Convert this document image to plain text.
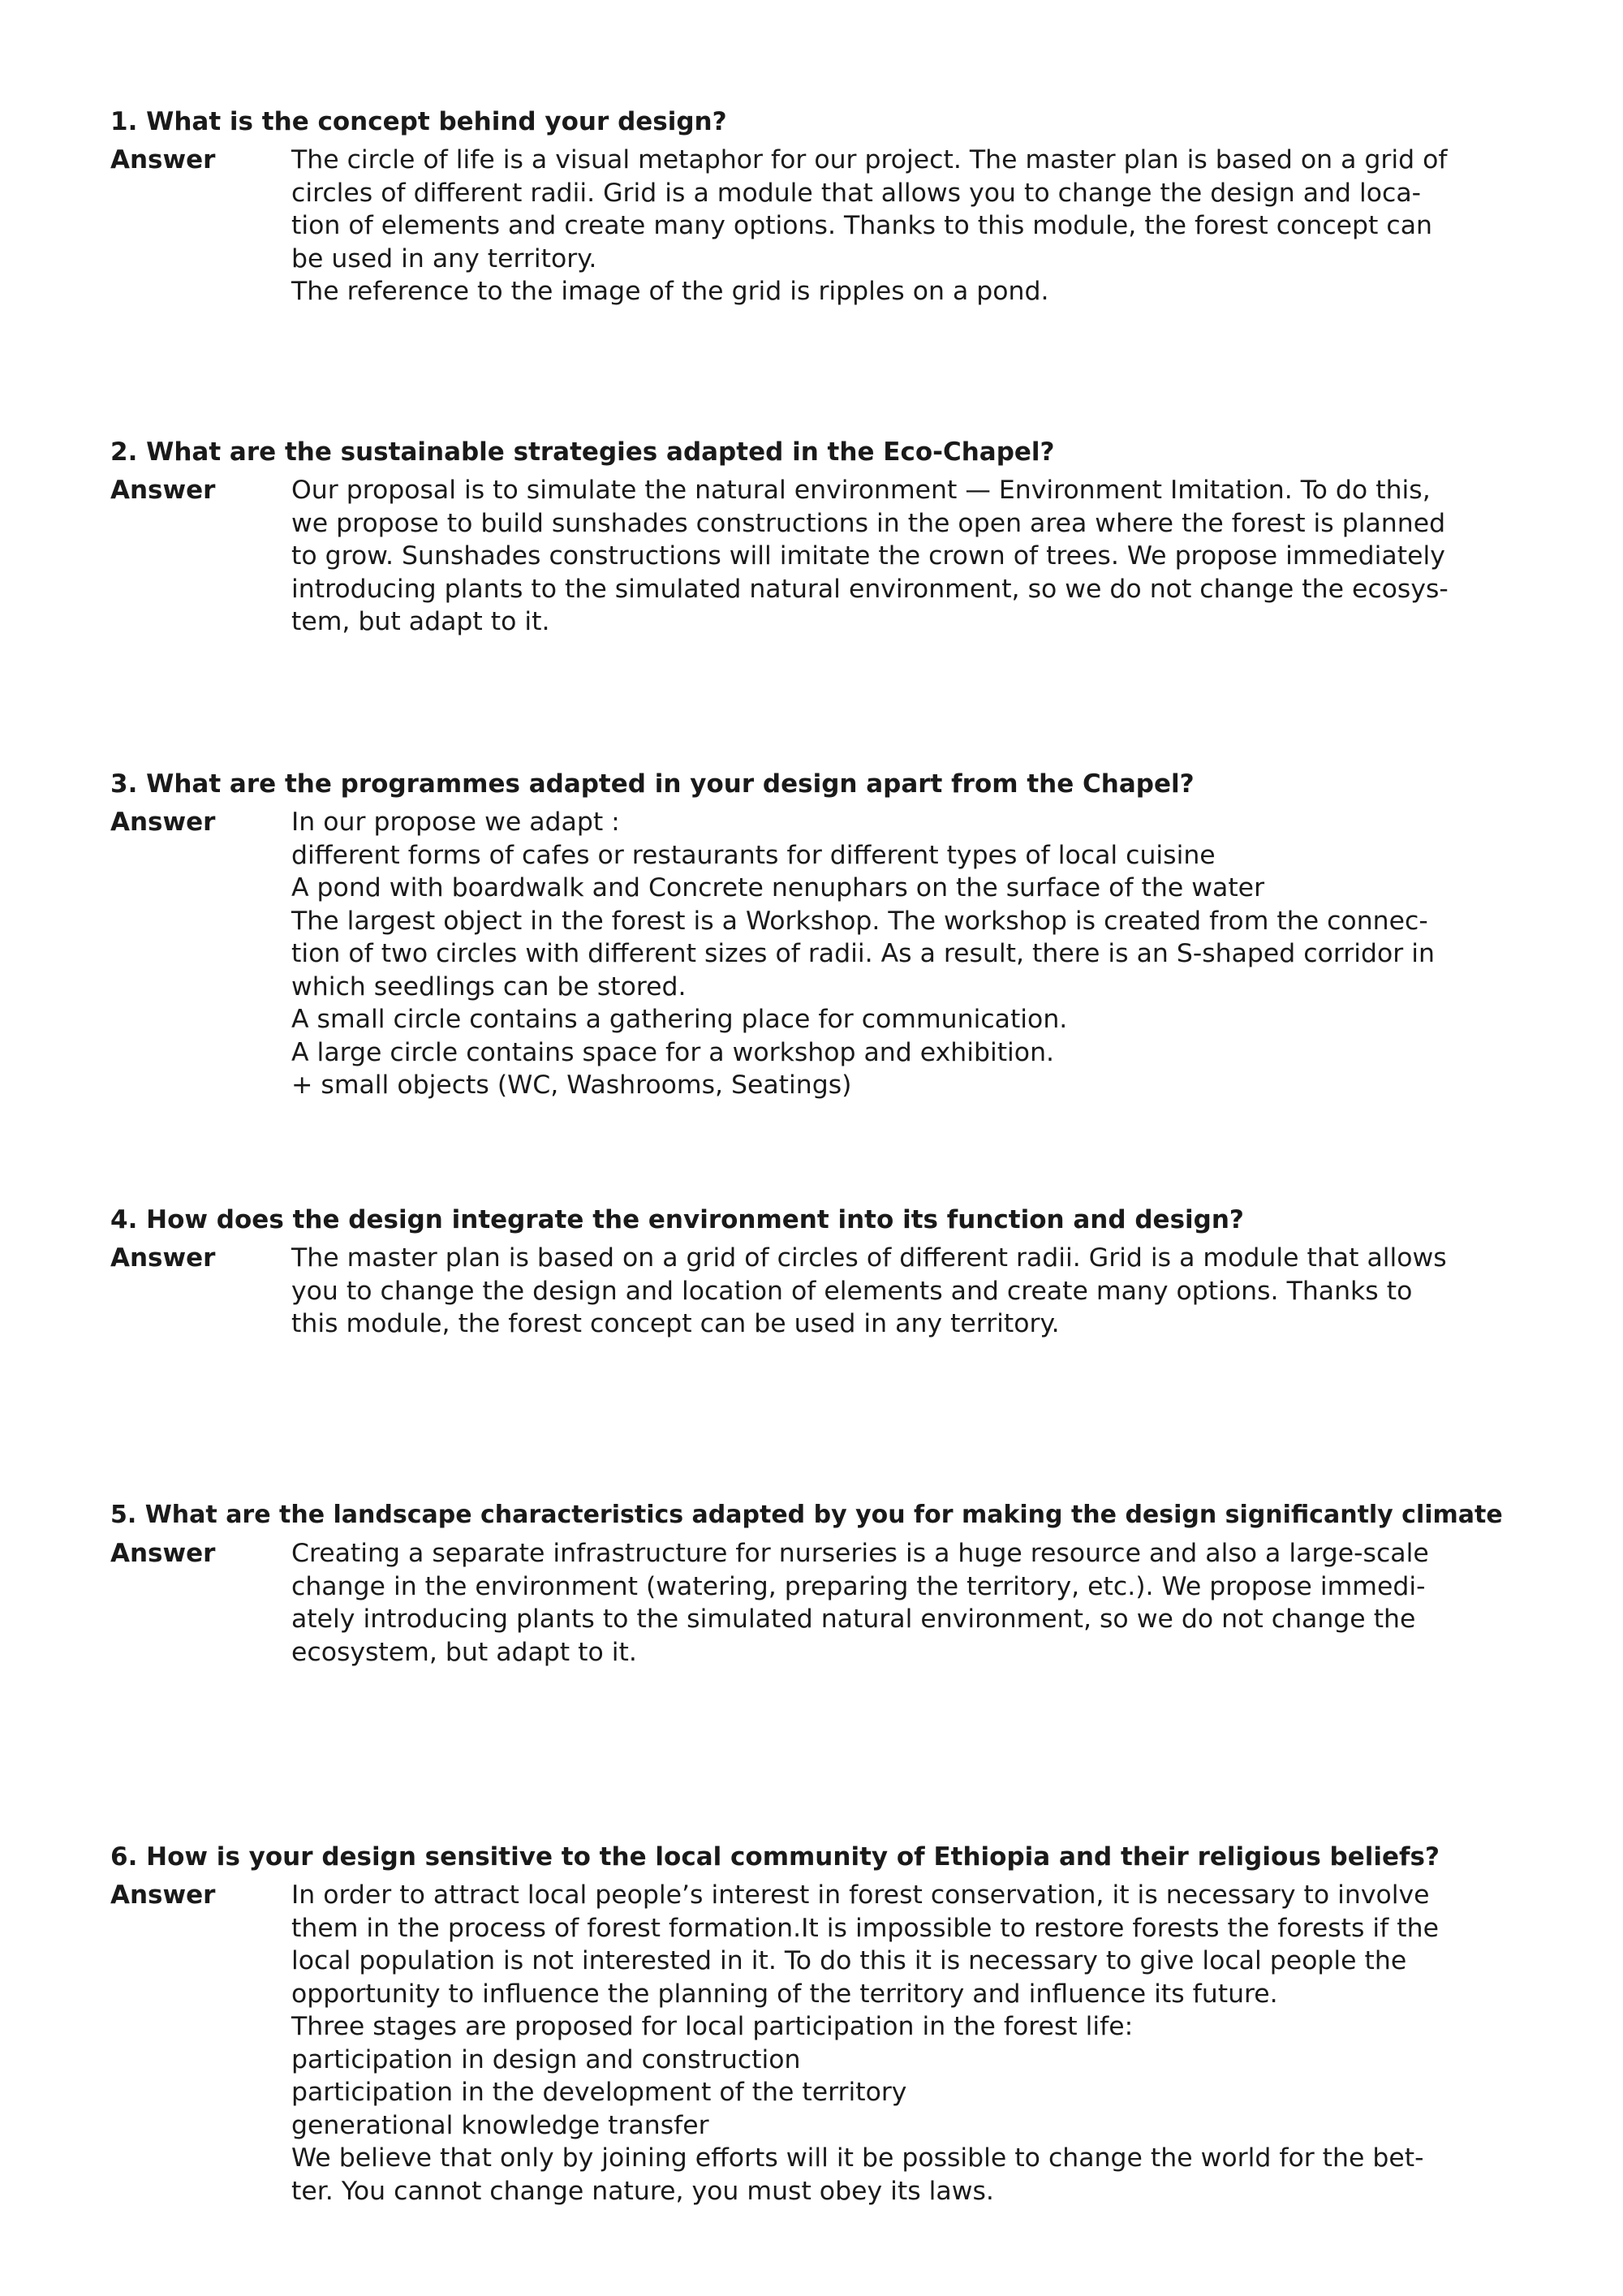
1. What is the concept behind your design?

Answer	The circle of life is a visual metaphor for our project. The master plan is based on a grid of
circles of different radii. Grid is a module that allows you to change the design and loca-
tion of elements and create many options. Thanks to this module, the forest concept can
be used in any territory.
The reference to the image of the grid is ripples on a pond.

2. What are the sustainable strategies adapted in the Eco-Chapel?

Answer	Our proposal is to simulate the natural environment — Environment Imitation. To do this,
we propose to build sunshades constructions in the open area where the forest is planned
to grow. Sunshades constructions will imitate the crown of trees. We propose immediately
introducing plants to the simulated natural environment, so we do not change the ecosys-
tem, but adapt to it.

3. What are the programmes adapted in your design apart from the Chapel?

Answer	In our propose we adapt :
different forms of cafes or restaurants for different types of local cuisine
A pond with boardwalk and Concrete nenuphars on the surface of the water
The largest object in the forest is a Workshop. The workshop is created from the connec-
tion of two circles with different sizes of radii. As a result, there is an S-shaped corridor in
which seedlings can be stored.
A small circle contains a gathering place for communication.
A large circle contains space for a workshop and exhibition.
+ small objects (WC, Washrooms, Seatings)

4. How does the design integrate the environment into its function and design?

Answer	The master plan is based on a grid of circles of different radii. Grid is a module that allows
you to change the design and location of elements and create many options. Thanks to
this module, the forest concept can be used in any territory.

5. What are the landscape characteristics adapted by you for making the design significantly climate

Answer	Creating a separate infrastructure for nurseries is a huge resource and also a large-scale
change in the environment (watering, preparing the territory, etc.). We propose immedi-
ately introducing plants to the simulated natural environment, so we do not change the
ecosystem, but adapt to it.

6. How is your design sensitive to the local community of Ethiopia and their religious beliefs?

Answer	In order to attract local people’s interest in forest conservation, it is necessary to involve
them in the process of forest formation.It is impossible to restore forests the forests if the
local population is not interested in it. To do this it is necessary to give local people the
opportunity to influence the planning of the territory and influence its future.
Three stages are proposed for local participation in the forest life:
participation in design and construction
participation in the development of the territory
generational knowledge transfer
We believe that only by joining efforts will it be possible to change the world for the bet-
ter. You cannot change nature, you must obey its laws.
